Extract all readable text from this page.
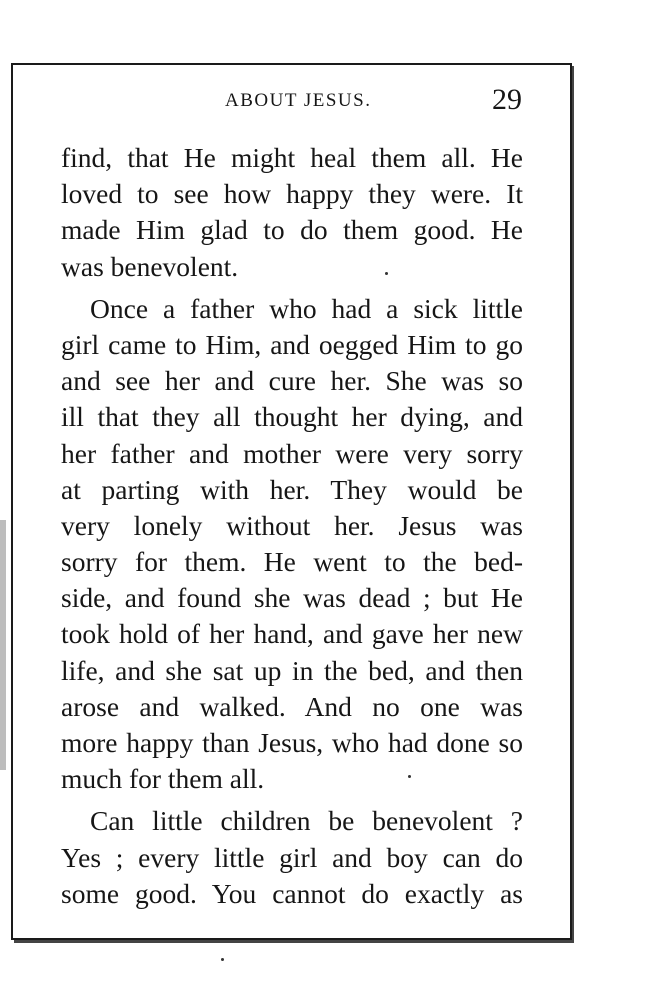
ABOUT JESUS.	29
find, that He might heal them all. He
loved to see how happy they were. It
made Him glad to do them good. He
was benevolent.
Once a father who had a sick little
girl came to Him, and oegged Him to go
and see her and cure her. She was so
ill that they all thought her dying, and
her father and mother were very sorry
at parting with her. They would be
very lonely without her. Jesus was
sorry for them. He went to the bed-
side, and found she was dead ; but He
took hold of her hand, and gave her new
life, and she sat up in the bed, and then
arose and walked. And no one was
more happy than Jesus, who had done so
much for them all.
Can little children be benevolent ?
Yes ; every little girl and boy can do
some good. You cannot do exactly as
